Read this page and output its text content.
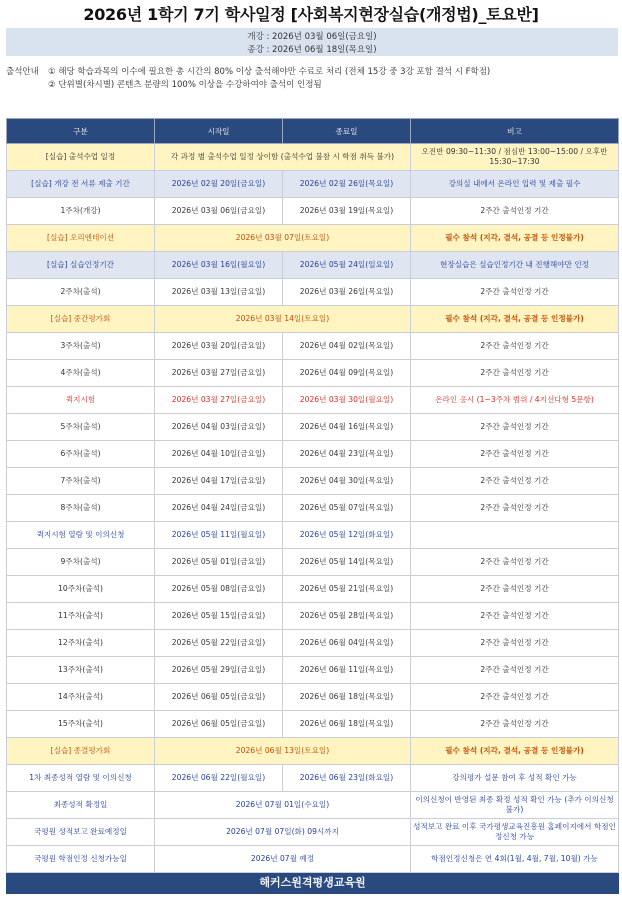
2026년 1학기 7기 학사일정 [사회복지현장실습(개정법)_토요반]
개강 : 2026년 03월 06일(금요일)
종강 : 2026년 06월 18일(목요일)
출석안내	① 해당 학습과목의 이수에 필요한 총 시간의 80% 이상 출석해야만 수료로 처리 (전체 15강 중 3강 포함 결석 시 F학점)
② 단위별(차시별) 콘텐츠 분량의 100% 이상을 수강하여야 출석이 인정됨
구분	시작일	종료일	비고
[실습] 출석수업 일정	각 과정 별 출석수업 일정 상이함 (출석수업 불참 시 학점 취득 불가)		오전반 09:30~11:30 / 점심반 13:00~15:00 / 오후반 15:30~17:30
[실습] 개강 전 서류 제출 기간	2026년 02월 20일(금요일)	2026년 02월 26일(목요일)	강의실 내에서 온라인 입력 및 제출 필수
1주차(개강)	2026년 03월 06일(금요일)	2026년 03월 19일(목요일)	2주간 출석인정 기간
[실습] 오리엔테이션	2026년 03월 07일(토요일)		필수 참석 (지각, 결석, 공결 등 인정불가)
[실습] 실습인정기간	2026년 03월 16일(월요일)	2026년 05월 24일(일요일)	현장실습은 실습인정기간 내 진행해야만 인정
2주차(출석)	2026년 03월 13일(금요일)	2026년 03월 26일(목요일)	2주간 출석인정 기간
[실습] 중간평가회	2026년 03월 14일(토요일)		필수 참석 (지각, 결석, 공결 등 인정불가)
3주차(출석)	2026년 03월 20일(금요일)	2026년 04월 02일(목요일)	2주간 출석인정 기간
4주차(출석)	2026년 03월 27일(금요일)	2026년 04월 09일(목요일)	2주간 출석인정 기간
퀵지시험	2026년 03월 27일(금요일)	2026년 03월 30일(월요일)	온라인 응시 (1~3주차 범위 / 4지선다형 5문항)
5주차(출석)	2026년 04월 03일(금요일)	2026년 04월 16일(목요일)	2주간 출석인정 기간
6주차(출석)	2026년 04월 10일(금요일)	2026년 04월 23일(목요일)	2주간 출석인정 기간
7주차(출석)	2026년 04월 17일(금요일)	2026년 04월 30일(목요일)	2주간 출석인정 기간
8주차(출석)	2026년 04월 24일(금요일)	2026년 05월 07일(목요일)	2주간 출석인정 기간
퀵지시험 열람 및 이의신청	2026년 05월 11일(월요일)	2026년 05월 12일(화요일)	
9주차(출석)	2026년 05월 01일(금요일)	2026년 05월 14일(목요일)	2주간 출석인정 기간
10주차(출석)	2026년 05월 08일(금요일)	2026년 05월 21일(목요일)	2주간 출석인정 기간
11주차(출석)	2026년 05월 15일(금요일)	2026년 05월 28일(목요일)	2주간 출석인정 기간
12주차(출석)	2026년 05월 22일(금요일)	2026년 06월 04일(목요일)	2주간 출석인정 기간
13주차(출석)	2026년 05월 29일(금요일)	2026년 06월 11일(목요일)	2주간 출석인정 기간
14주차(출석)	2026년 06월 05일(금요일)	2026년 06월 18일(목요일)	2주간 출석인정 기간
15주차(출석)	2026년 06월 05일(금요일)	2026년 06월 18일(목요일)	2주간 출석인정 기간
[실습] 종결평가회	2026년 06월 13일(토요일)		필수 참석 (지각, 결석, 공결 등 인정불가)
1차 최종성적 열람 및 이의신청	2026년 06월 22일(월요일)	2026년 06월 23일(화요일)	강의평가 설문 참여 후 성적 확인 가능
최종성적 확정일	2026년 07월 01일(수요일)		이의신청이 반영된 최종 확정 성적 확인 가능 (추가 이의신청 불가)
국평원 성적보고 완료예정일	2026년 07월 07일(화) 09시까지		성적보고 완료 이후 국가평생교육진흥원 홈페이지에서 학점인정신청 가능
국평원 학점인정 신청가능일	2026년 07월 예정		학점인정신청은 연 4회(1월, 4월, 7월, 10월) 가능
해커스원격평생교육원			
